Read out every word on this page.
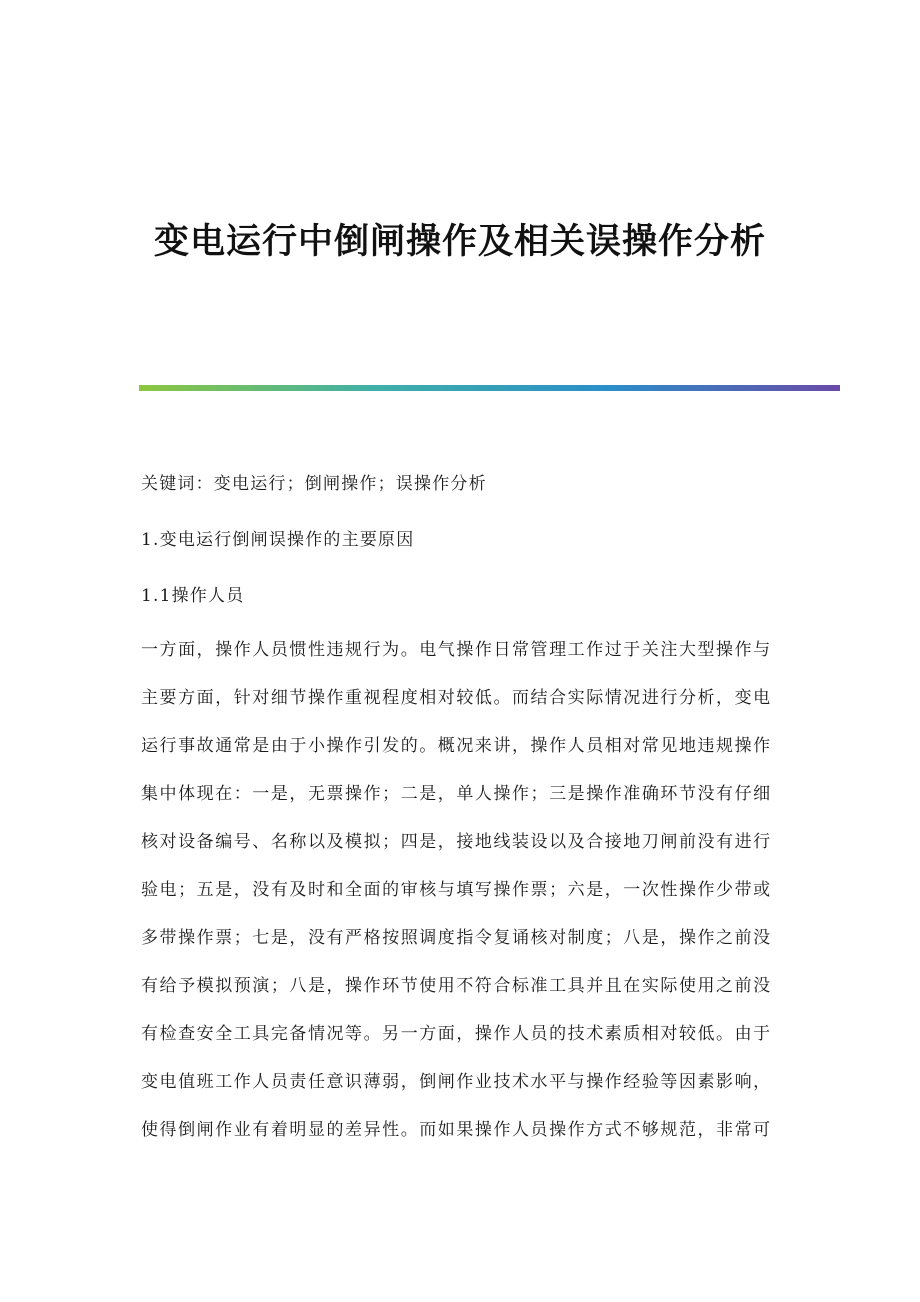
变电运行中倒闸操作及相关误操作分析
关键词：变电运行；倒闸操作；误操作分析
1.变电运行倒闸误操作的主要原因
1.1操作人员

一方面，操作人员惯性违规行为。电气操作日常管理工作过于关注大型操作与
主要方面，针对细节操作重视程度相对较低。而结合实际情况进行分析，变电
运行事故通常是由于小操作引发的。概况来讲，操作人员相对常见地违规操作
集中体现在：一是，无票操作；二是，单人操作；三是操作准确环节没有仔细
核对设备编号、名称以及模拟；四是，接地线装设以及合接地刀闸前没有进行
验电；五是，没有及时和全面的审核与填写操作票；六是，一次性操作少带或
多带操作票；七是，没有严格按照调度指令复诵核对制度；八是，操作之前没
有给予模拟预演；八是，操作环节使用不符合标准工具并且在实际使用之前没
有检查安全工具完备情况等。另一方面，操作人员的技术素质相对较低。由于
变电值班工作人员责任意识薄弱，倒闸作业技术水平与操作经验等因素影响，
使得倒闸作业有着明显的差异性。而如果操作人员操作方式不够规范，非常可
